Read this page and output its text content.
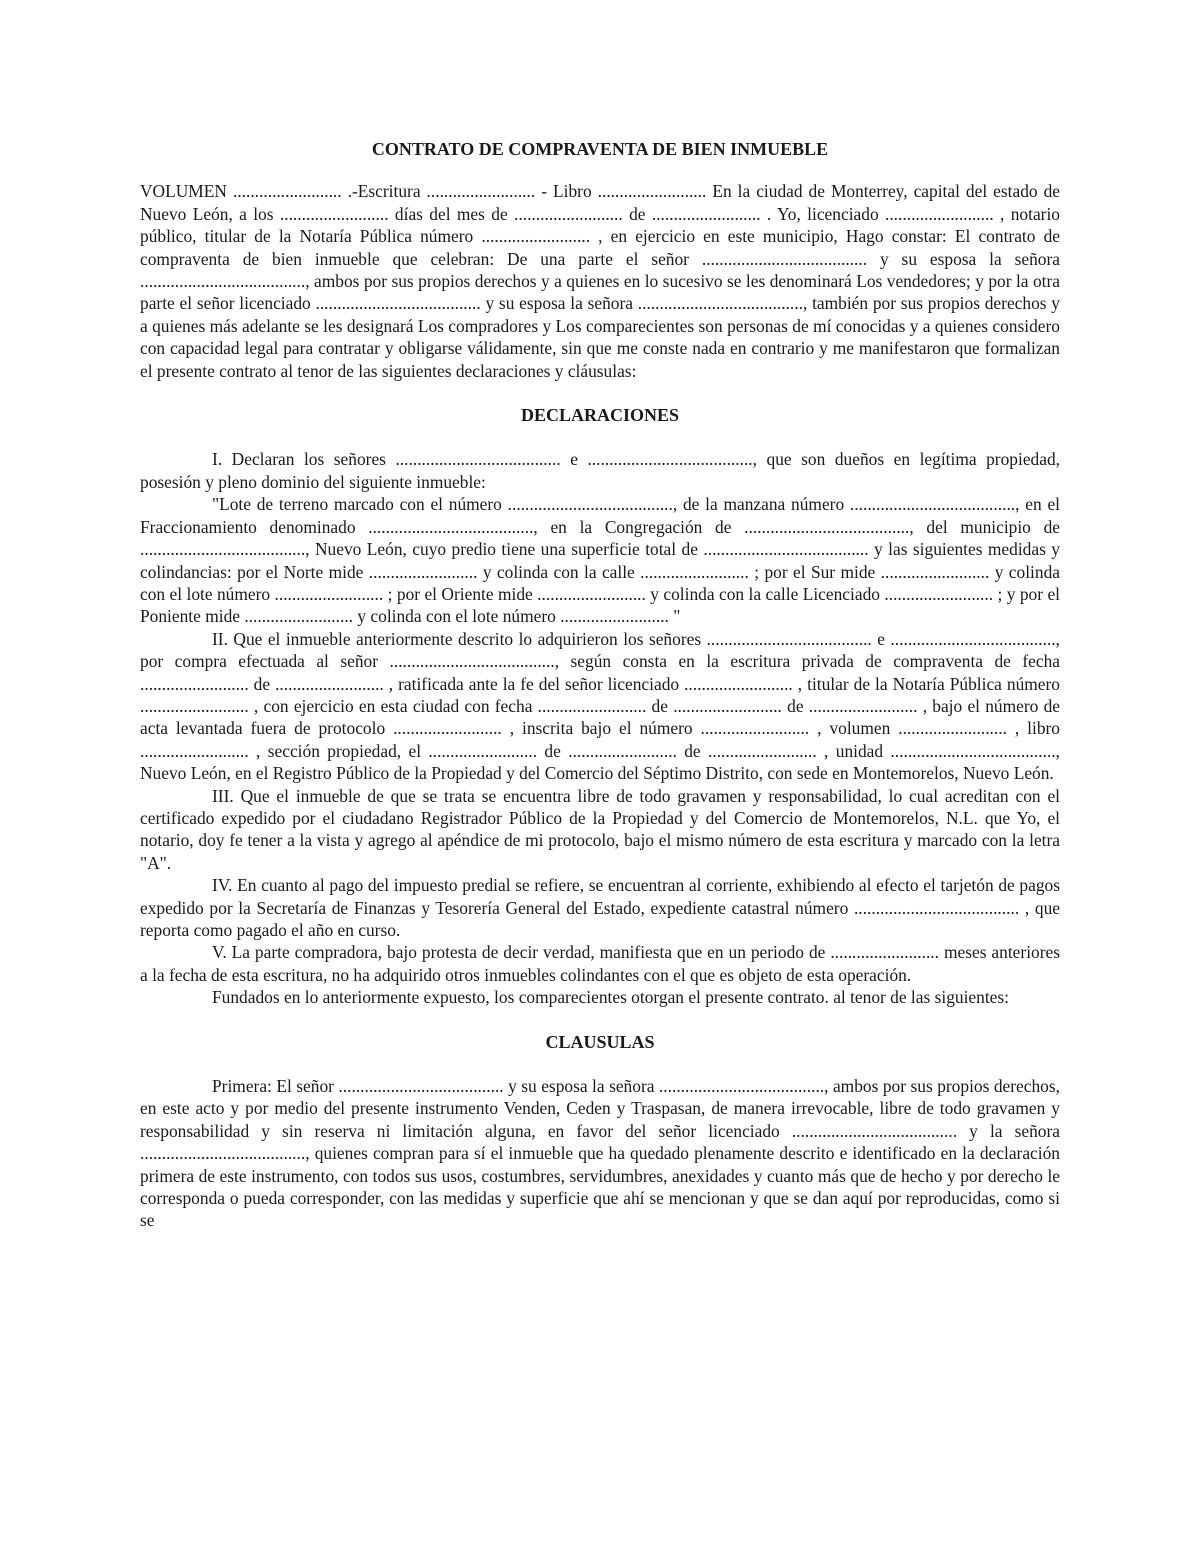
CONTRATO DE COMPRAVENTA DE BIEN INMUEBLE

VOLUMEN ......................... .-Escritura ......................... - Libro ......................... En la ciudad de Monterrey, capital del estado de Nuevo León, a los ......................... días del mes de ......................... de ......................... . Yo, licenciado ......................... , notario público, titular de la Notaría Pública número ......................... , en ejercicio en este municipio, Hago constar: El contrato de compraventa de bien inmueble que celebran: De una parte el señor ...................................... y su esposa la señora ......................................, ambos por sus propios derechos y a quienes en lo sucesivo se les denominará Los vendedores; y por la otra parte el señor licenciado ...................................... y su esposa la señora ......................................, también por sus propios derechos y a quienes más adelante se les designará Los compradores y Los comparecientes son personas de mí conocidas y a quienes considero con capacidad legal para contratar y obligarse válidamente, sin que me conste nada en contrario y me manifestaron que formalizan el presente contrato al tenor de las siguientes declaraciones y cláusulas:

DECLARACIONES

I. Declaran los señores ...................................... e ......................................, que son dueños en legítima propiedad, posesión y pleno dominio del siguiente inmueble:

"Lote de terreno marcado con el número ......................................, de la manzana número ......................................, en el Fraccionamiento denominado ......................................, en la Congregación de ......................................, del municipio de ......................................, Nuevo León, cuyo predio tiene una superficie total de ...................................... y las siguientes medidas y colindancias: por el Norte mide ......................... y colinda con la calle ......................... ; por el Sur mide ......................... y colinda con el lote número ......................... ; por el Oriente mide ......................... y colinda con la calle Licenciado ......................... ; y por el Poniente mide ......................... y colinda con el lote número ......................... "

II. Que el inmueble anteriormente descrito lo adquirieron los señores ...................................... e ......................................, por compra efectuada al señor ......................................, según consta en la escritura privada de compraventa de fecha ......................... de ......................... , ratificada ante la fe del señor licenciado ......................... , titular de la Notaría Pública número ......................... , con ejercicio en esta ciudad con fecha ......................... de ......................... de ......................... , bajo el número de acta levantada fuera de protocolo ......................... , inscrita bajo el número ......................... , volumen ......................... , libro ......................... , sección propiedad, el ......................... de ......................... de ......................... , unidad ......................................, Nuevo León, en el Registro Público de la Propiedad y del Comercio del Séptimo Distrito, con sede en Montemorelos, Nuevo León.

III. Que el inmueble de que se trata se encuentra libre de todo gravamen y responsabilidad, lo cual acreditan con el certificado expedido por el ciudadano Registrador Público de la Propiedad y del Comercio de Montemorelos, N.L. que Yo, el notario, doy fe tener a la vista y agrego al apéndice de mi protocolo, bajo el mismo número de esta escritura y marcado con la letra "A".

IV. En cuanto al pago del impuesto predial se refiere, se encuentran al corriente, exhibiendo al efecto el tarjetón de pagos expedido por la Secretaría de Finanzas y Tesorería General del Estado, expediente catastral número ...................................... , que reporta como pagado el año en curso.

V. La parte compradora, bajo protesta de decir verdad, manifiesta que en un periodo de ......................... meses anteriores a la fecha de esta escritura, no ha adquirido otros inmuebles colindantes con el que es objeto de esta operación.

Fundados en lo anteriormente expuesto, los comparecientes otorgan el presente contrato. al tenor de las siguientes:

CLAUSULAS

Primera: El señor ...................................... y su esposa la señora ......................................, ambos por sus propios derechos, en este acto y por medio del presente instrumento Venden, Ceden y Traspasan, de manera irrevocable, libre de todo gravamen y responsabilidad y sin reserva ni limitación alguna, en favor del señor licenciado ...................................... y la señora ......................................, quienes compran para sí el inmueble que ha quedado plenamente descrito e identificado en la declaración primera de este instrumento, con todos sus usos, costumbres, servidumbres, anexidades y cuanto más que de hecho y por derecho le corresponda o pueda corresponder, con las medidas y superficie que ahí se mencionan y que se dan aquí por reproducidas, como si se
